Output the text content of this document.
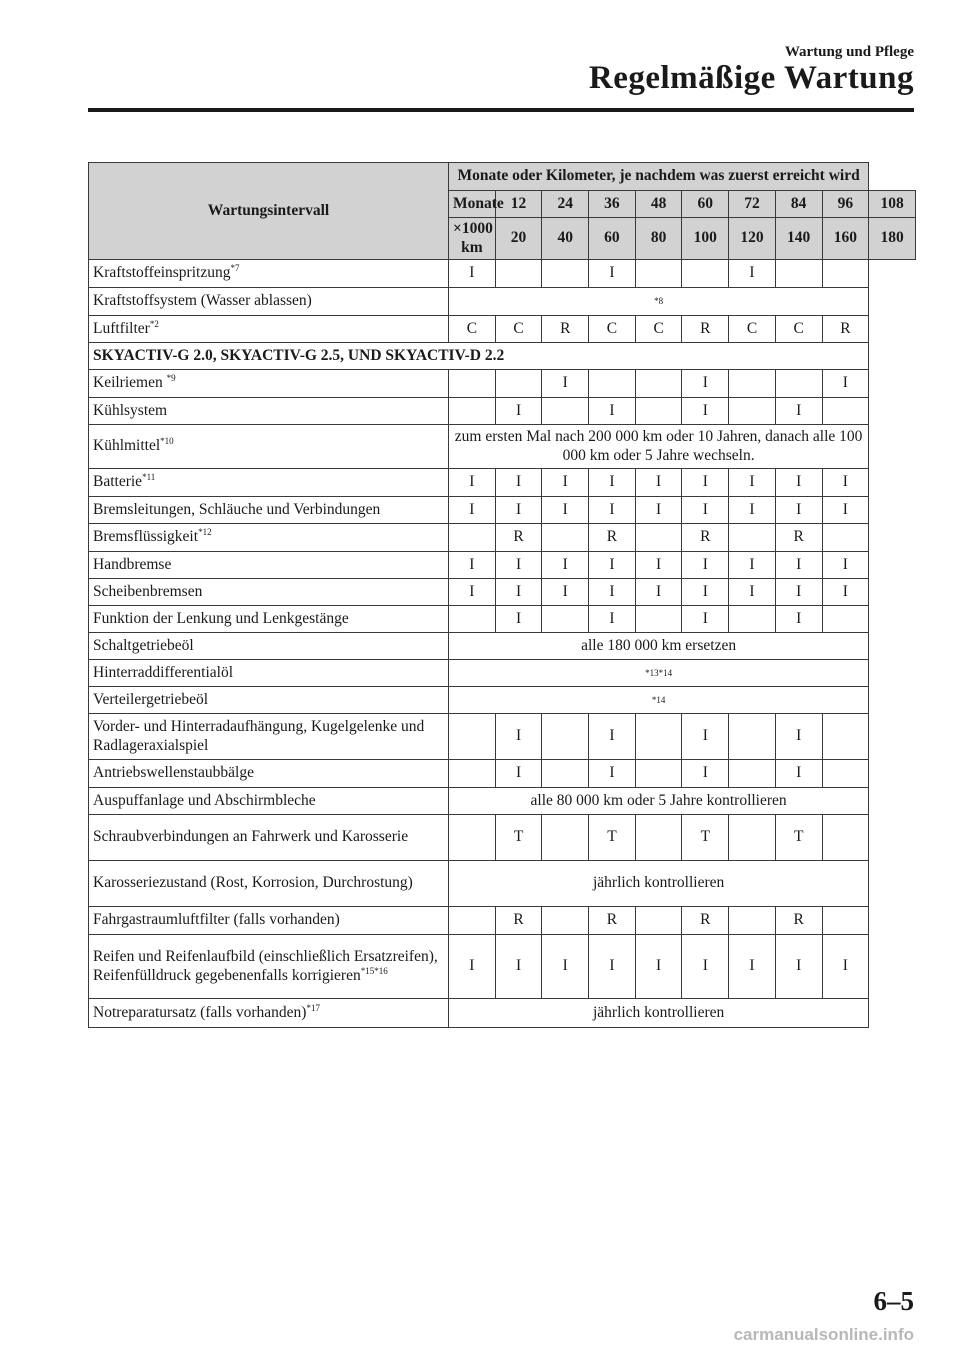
Wartung und Pflege
Regelmäßige Wartung
Wartungsintervall	Monate oder Kilometer, je nachdem was zuerst erreicht wird									
	Monate	12	24	36	48	60	72	84	96	108
	×1000 km	20	40	60	80	100	120	140	160	180
Kraftstoffeinspritzung$^{*7}$	I			I			I			
Kraftstoffsystem (Wasser ablassen)	*8									
Luftfilter$^{*2}$	C	C	R	C	C	R	C	C	R	
SKYACTIV-G 2.0, SKYACTIV-G 2.5, UND SKYACTIV-D 2.2										
Keilriemen $^{*9}$			I			I			I	
Kühlsystem		I		I		I		I		
Kühlmittel$^{*10}$	zum ersten Mal nach 200 000 km oder 10 Jahren, danach alle 100 000 km oder 5 Jahre wechseln.									
Batterie$^{*11}$	I	I	I	I	I	I	I	I	I	
Bremsleitungen, Schläuche und Verbindungen	I	I	I	I	I	I	I	I	I	
Bremsflüssigkeit$^{*12}$		R		R		R		R		
Handbremse	I	I	I	I	I	I	I	I	I	
Scheibenbremsen	I	I	I	I	I	I	I	I	I	
Funktion der Lenkung und Lenkgestänge		I		I		I		I		
Schaltgetriebeöl	alle 180 000 km ersetzen									
Hinterraddifferentialöl	*13*14									
Verteilergetriebeöl	*14									
Vorder- und Hinterradaufhängung, Kugelgelenke und Radlageraxialspiel		I		I		I		I		
Antriebswellenstaubbälge		I		I		I		I		
Auspuffanlage und Abschirmbleche	alle 80 000 km oder 5 Jahre kontrollieren									
Schraubverbindungen an Fahrwerk und Karosserie		T		T		T		T		
Karosseriezustand (Rost, Korrosion, Durchrostung)	jährlich kontrollieren									
Fahrgastraumluftfilter (falls vorhanden)		R		R		R		R		
Reifen und Reifenlaufbild (einschließlich Ersatzreifen), Reifenfülldruck gegebenenfalls korrigieren$^{*15*16}$	I	I	I	I	I	I	I	I	I	
Notreparatursatz (falls vorhanden)$^{*17}$	jährlich kontrollieren									
6–5
carmanualsonline.info
